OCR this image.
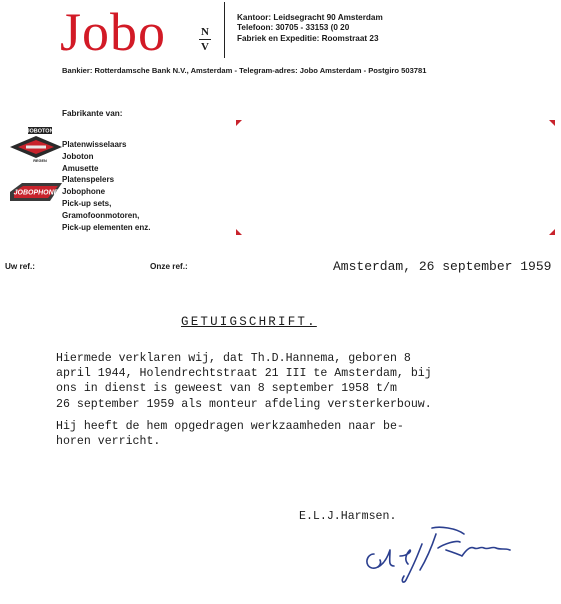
Jobo	N
V
Kantoor: Leidsegracht 90 Amsterdam
Telefoon: 30705 - 33153 (0 20
Fabriek en Expeditie: Roomstraat 23
Bankier: Rotterdamsche Bank N.V., Amsterdam - Telegram-adres: Jobo Amsterdam - Postgiro 503781
Fabrikante van:
JOBOTON
REGEN
JOBOPHONE
Platenwisselaars
Joboton
Amusette
Platenspelers
Jobophone
Pick-up sets,
Gramofoonmotoren,
Pick-up elementen enz.
Uw ref.:	Onze ref.:	Amsterdam, 26 september 1959
GETUIGSCHRIFT.
Hiermede verklaren wij, dat Th.D.Hannema, geboren 8
april 1944, Holendrechtstraat 21 III te Amsterdam, bij
ons in dienst is geweest van 8 september 1958 t/m
26 september 1959 als monteur afdeling versterkerbouw.
Hij heeft de hem opgedragen werkzaamheden naar be-
horen verricht.
E.L.J.Harmsen.
